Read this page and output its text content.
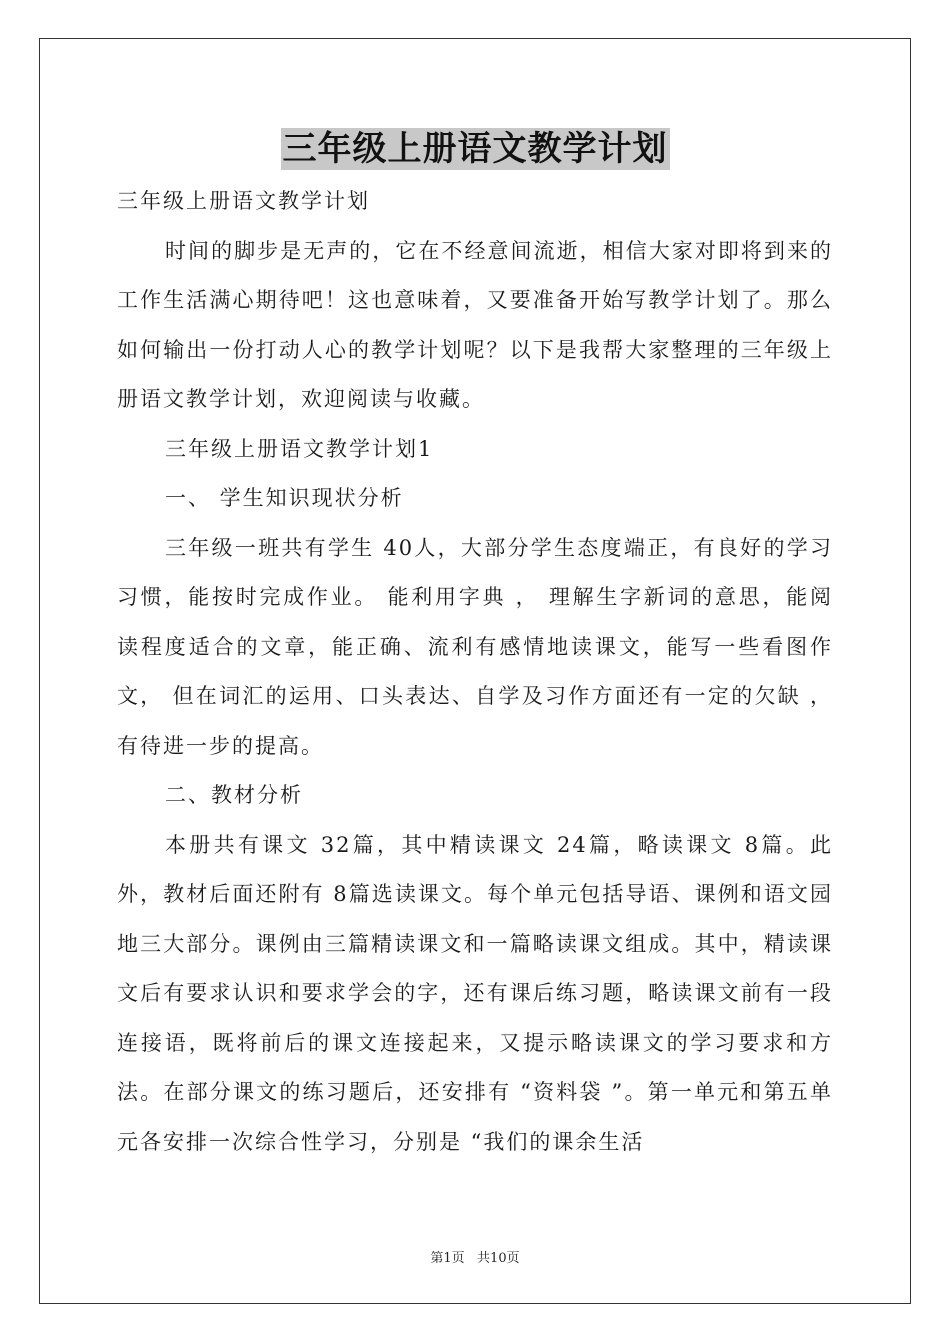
三年级上册语文教学计划

三年级上册语文教学计划

时间的脚步是无声的，它在不经意间流逝，相信大家对即将到来的工作生活满心期待吧！这也意味着，又要准备开始写教学计划了。那么如何输出一份打动人心的教学计划呢？以下是我帮大家整理的三年级上册语文教学计划，欢迎阅读与收藏。

三年级上册语文教学计划1

一、 学生知识现状分析

三年级一班共有学生 40人，大部分学生态度端正，有良好的学习习惯，能按时完成作业。 能利用字典 ， 理解生字新词的意思，能阅读程度适合的文章，能正确、流利有感情地读课文，能写一些看图作文， 但在词汇的运用、口头表达、自学及习作方面还有一定的欠缺 ， 有待进一步的提高。

二、教材分析

本册共有课文 32篇，其中精读课文 24篇，略读课文 8篇。此外，教材后面还附有 8篇选读课文。每个单元包括导语、课例和语文园地三大部分。课例由三篇精读课文和一篇略读课文组成。其中，精读课文后有要求认识和要求学会的字，还有课后练习题，略读课文前有一段连接语，既将前后的课文连接起来，又提示略读课文的学习要求和方法。在部分课文的练习题后，还安排有 “资料袋 ”。第一单元和第五单元各安排一次综合性学习，分别是 “我们的课余生活

第1页   共10页
